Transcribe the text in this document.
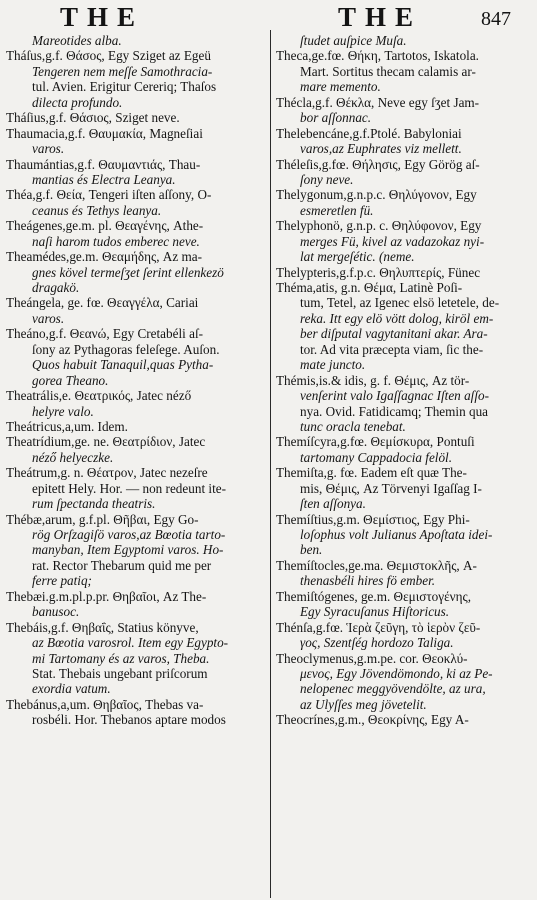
THE	THE	847
Mareotides alba.
Tháſus,g.f. Θάσος, Egy Sziget az Egeü
Tengeren nem meſſe Samothracia-
tul. Avien. Erigitur Cereriq; Thaſos
dilecta profundo.
Tháſius,g.f. Θάσιος, Sziget neve.
Thaumacia,g.f. Θαυμακία, Magneſiai
varos.
Thaumántias,g.f. Θαυμαντιάς, Thau-
mantias és Electra Leanya.
Théa,g.f. Θεία, Tengeri iſten aſſony, O-
ceanus és Tethys leanya.
Theágenes,ge.m. pl. Θεαγένης, Athe-
naſi harom tudos emberec neve.
Theamédes,ge.m. Θεαμήδης, Az ma-
gnes kövel termeſʒet ſerint ellenkezö
dragakö.
Theángela, ge. fœ. Θεαγγέλα, Cariai
varos.
Theáno,g.f. Θεανώ, Egy Cretabéli aſ-
ſony az Pythagoras feleſege. Auſon.
Quos habuit Tanaquil,quas Pytha-
gorea Theano.
Theatrális,e. Θεατρικός, Jatec néző
helyre valo.
Theátricus,a,um. Idem.
Theatrídium,ge. ne. Θεατρίδιον, Jatec
néző helyeczke.
Theátrum,g. n. Θέατρον, Jatec nezeſre
epitett Hely. Hor. — non redeunt ite-
rum ſpectanda theatris.
Thébæ,arum, g.f.pl. Θῆβαι, Egy Go-
rög Orſzagiſö varos,az Bœotia tarto-
manyban, Item Egyptomi varos. Ho-
rat. Rector Thebarum quid me per
ferre patiq;
Thebæi.g.m.pl.p.pr. Θηβαῖοι, Az The-
banusoc.
Thebáis,g.f. Θηβαΐς, Statius könyve,
az Bœotia varosrol. Item egy Egypto-
mi Tartomany és az varos, Theba.
Stat. Thebais ungebant priſcorum
exordia vatum.
Thebánus,a,um. Θηβαῖος, Thebas va-
rosbéli. Hor. Thebanos aptare modos
ſtudet auſpice Muſa.
Theca,ge.fœ. Θήκη, Tartotos, Iskatola.
Mart. Sortitus thecam calamis ar-
mare memento.
Thécla,g.f. Θέκλα, Neve egy ſʒet Jam-
bor aſſonnac.
Thelebencáne,g.f.Ptolé. Babyloniai
varos,az Euphrates viz mellett.
Théleſis,g.fœ. Θήλησις, Egy Görög aſ-
ſony neve.
Thelygonum,g.n.p.c. Θηλύγονον, Egy
esmeretlen fü.
Thelyphonö, g.n.p. c. Θηλύφονον, Egy
merges Fü, kivel az vadazokaz nyi-
lat mergeſétic. (neme.
Thelypteris,g.f.p.c. Θηλυπτερίς, Fünec
Théma,atis, g.n. Θέμα, Latinè Poſi-
tum, Tetel, az Igenec elsö letetele, de-
reka. Itt egy elö vött dolog, kiröl em-
ber diſputal vagytanitani akar. Ara-
tor. Ad vita præcepta viam, ſic the-
mate juncto.
Thémis,is.& idis, g. f. Θέμις, Az tör-
venſerint valo Igaſſagnac Iſten aſſo-
nya. Ovid. Fatidicamq; Themin qua
tunc oracla tenebat.
Themíſcyra,g.fœ. Θεμίσκυρα, Pontuſi
tartomany Cappadocia felöl.
Themiſta,g. fœ. Eadem eſt quæ The-
mis, Θέμις, Az Törvenyi Igaſſag I-
ſten aſſonya.
Themíſtius,g.m. Θεμίστιος, Egy Phi-
loſophus volt Julianus Apoſtata idei-
ben.
Themíſtocles,ge.ma. Θεμιστοκλῆς, A-
thenasbéli hires fö ember.
Themiſtógenes, ge.m. Θεμιστογένης,
Egy Syracuſanus Hiſtoricus.
Thénſa,g.fœ. Ἱερὰ ζεῦγη, τὸ ἱερὸν ζεῦ-
γος, Szentſég hordozo Taliga.
Theoclymenus,g.m.pe. cor. Θεοκλύ-
μενος, Egy Jövendömondo, ki az Pe-
nelopenec meggyövendölte, az ura,
az Ulyſſes meg jövetelit.
Theocrínes,g.m., Θεοκρίνης, Egy A-
